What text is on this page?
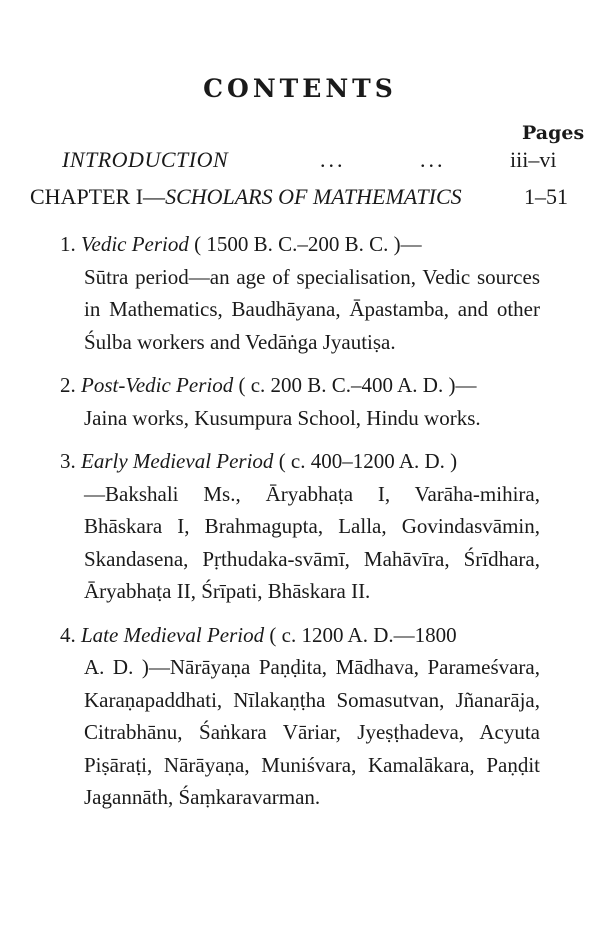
CONTENTS
Pages
INTRODUCTION	...	...	iii–vi
CHAPTER I—SCHOLARS OF MATHEMATICS	1–51
1. Vedic Period ( 1500 B. C.–200 B. C. )—
Sūtra period—an age of specialisation, Vedic sources in Mathematics, Baudhāyana, Āpastamba, and other Śulba workers and Vedāṅga Jyautiṣa.
2. Post-Vedic Period ( c. 200 B. C.–400 A. D. )—
Jaina works, Kusumpura School, Hindu works.
3. Early Medieval Period ( c. 400–1200 A. D. )
—Bakshali Ms., Āryabhaṭa I, Varāha-mihira, Bhāskara I, Brahmagupta, Lalla, Govindasvāmin, Skandasena, Pṛthudaka-svāmī, Mahāvīra, Śrīdhara, Āryabhaṭa II, Śrīpati, Bhāskara II.
4. Late Medieval Period ( c. 1200 A. D.—1800
A. D. )—Nārāyaṇa Paṇḍita, Mādhava, Parameśvara, Karaṇapaddhati, Nīlakaṇṭha Somasutvan, Jñanarāja, Citrabhānu, Śaṅkara Vāriar, Jyeṣṭhadeva, Acyuta Piṣāraṭi, Nārāyaṇa, Muniśvara, Kamalākara, Paṇḍit Jagannāth, Śaṃkaravarman.
